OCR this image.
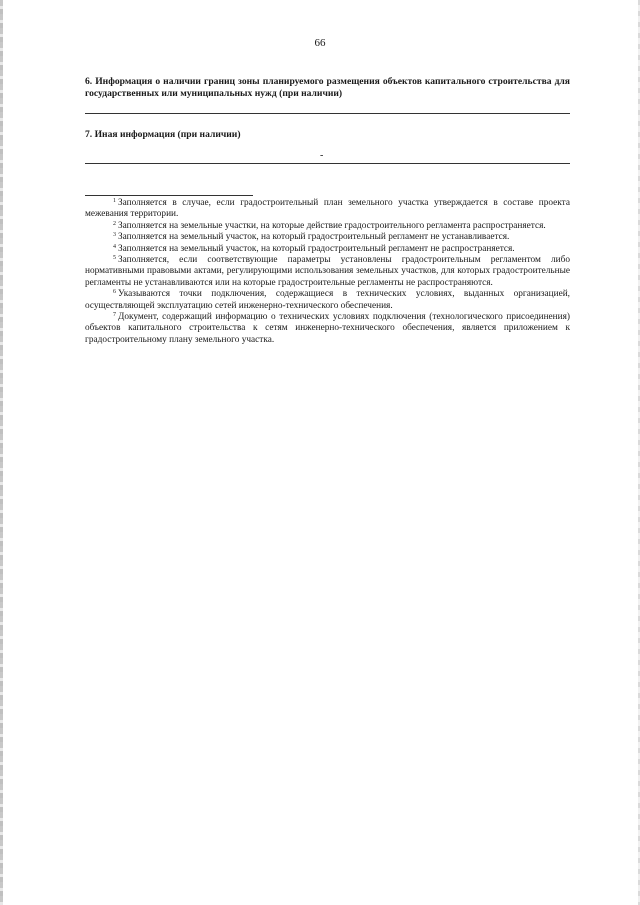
66
6. Информация о наличии границ зоны планируемого размещения объектов капитального строительства для государственных или муниципальных нужд (при наличии)
7. Иная информация (при наличии)
-
$^1$ Заполняется в случае, если градостроительный план земельного участка утверждается в составе проекта межевания территории.
$^2$ Заполняется на земельные участки, на которые действие градостроительного регламента распространяется.
$^3$ Заполняется на земельный участок, на который градостроительный регламент не устанавливается.
$^4$ Заполняется на земельный участок, на который градостроительный регламент не распространяется.
$^5$ Заполняется, если соответствующие параметры установлены градостроительным регламентом либо нормативными правовыми актами, регулирующими использования земельных участков, для которых градостроительные регламенты не устанавливаются или на которые градостроительные регламенты не распространяются.
$^6$ Указываются точки подключения, содержащиеся в технических условиях, выданных организацией, осуществляющей эксплуатацию сетей инженерно-технического обеспечения.
$^7$ Документ, содержащий информацию о технических условиях подключения (технологического присоединения) объектов капитального строительства к сетям инженерно-технического обеспечения, является приложением к градостроительному плану земельного участка.
